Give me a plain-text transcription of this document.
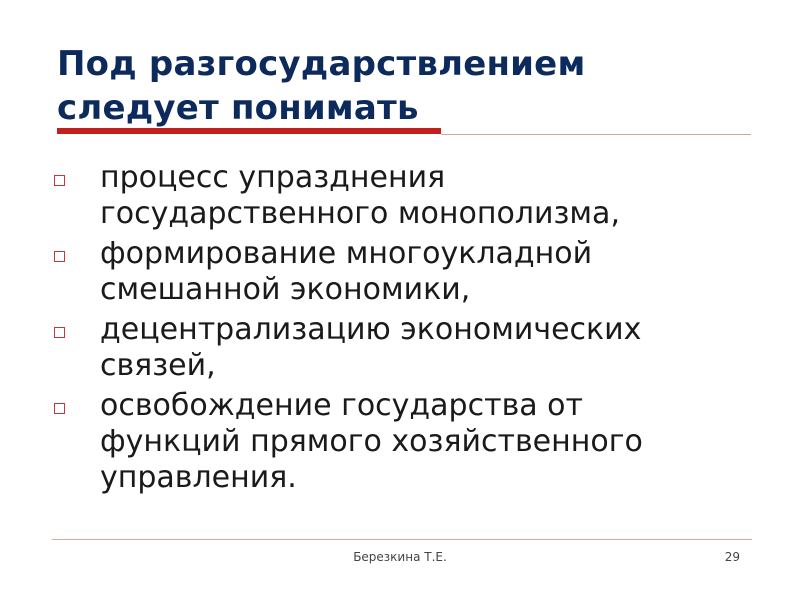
Под разгосударствлением
следует понимать
процесс упразднения
государственного монополизма,
формирование многоукладной
смешанной экономики,
децентрализацию экономических
связей,
освобождение государства от
функций прямого хозяйственного
управления.
Березкина Т.Е.	29
